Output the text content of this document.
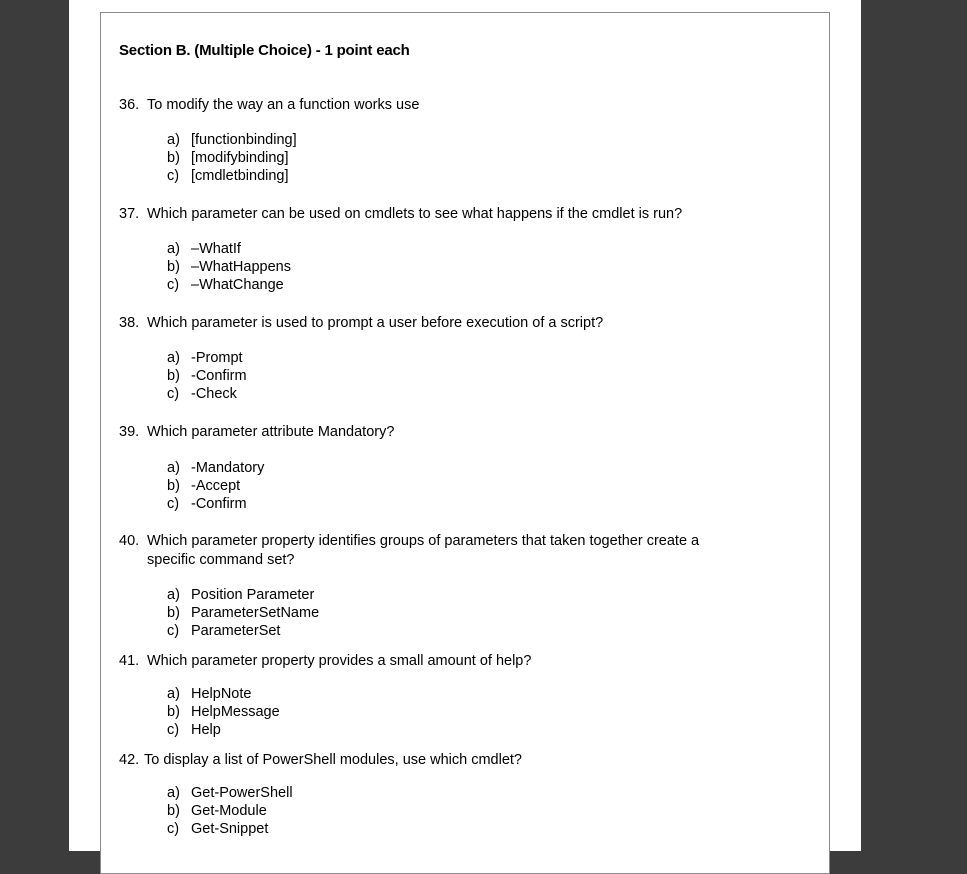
Section B. (Multiple Choice) - 1 point each
36. To modify the way an a function works use
a) [functionbinding]
b) [modifybinding]
c) [cmdletbinding]
37. Which parameter can be used on cmdlets to see what happens if the cmdlet is run?
a) –WhatIf
b) –WhatHappens
c) –WhatChange
38. Which parameter is used to prompt a user before execution of a script?
a) -Prompt
b) -Confirm
c) -Check
39. Which parameter attribute Mandatory?
a) -Mandatory
b) -Accept
c) -Confirm
40. Which parameter property identifies groups of parameters that taken together create a specific command set?
a) Position Parameter
b) ParameterSetName
c) ParameterSet
41. Which parameter property provides a small amount of help?
a) HelpNote
b) HelpMessage
c) Help
42. To display a list of PowerShell modules, use which cmdlet?
a) Get-PowerShell
b) Get-Module
c) Get-Snippet
